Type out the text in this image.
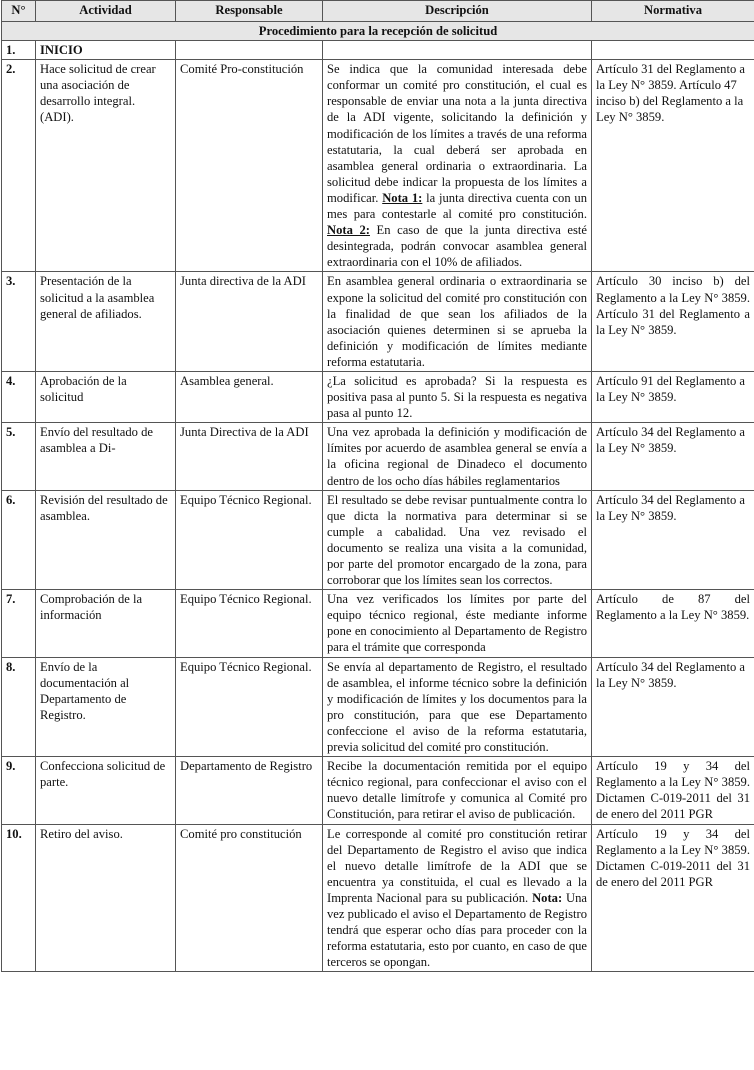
N°	Actividad	Responsable	Descripción	Normativa
Procedimiento para la recepción de solicitud				
1.	INICIO			
2.	Hace solicitud de crear una asociación de desarrollo integral. (ADI).	Comité Pro-constitución	Se indica que la comunidad interesada debe conformar un comité pro constitución, el cual es responsable de enviar una nota a la junta directiva de la ADI vigente, solicitando la definición y modificación de los límites a través de una reforma estatutaria, la cual deberá ser aprobada en asamblea general ordinaria o extraordinaria. La solicitud debe indicar la propuesta de los límites a modificar. Nota 1: la junta directiva cuenta con un mes para contestarle al comité pro constitución. Nota 2: En caso de que la junta directiva esté desintegrada, podrán convocar asamblea general extraordinaria con el 10% de afiliados.	Artículo 31 del Reglamento a la Ley N° 3859. Artículo 47 inciso b) del Reglamento a la Ley N° 3859.
3.	Presentación de la solicitud a la asamblea general de afiliados.	Junta directiva de la ADI	En asamblea general ordinaria o extraordinaria se expone la solicitud del comité pro constitución con la finalidad de que sean los afiliados de la asociación quienes determinen si se aprueba la definición y modificación de límites mediante reforma estatutaria.	Artículo 30 inciso b) del Reglamento a la Ley N° 3859. Artículo 31 del Reglamento a la Ley N° 3859.
4.	Aprobación de la solicitud	Asamblea general.	¿La solicitud es aprobada? Si la respuesta es positiva pasa al punto 5. Si la respuesta es negativa pasa al punto 12.	Artículo 91 del Reglamento a la Ley N° 3859.
5.	Envío del resultado de asamblea a Di-	Junta Directiva de la ADI	Una vez aprobada la definición y modificación de límites por acuerdo de asamblea general se envía a la oficina regional de Dinadeco el documento dentro de los ocho días hábiles reglamentarios	Artículo 34 del Reglamento a la Ley N° 3859.
6.	Revisión del resultado de asamblea.	Equipo Técnico Regional.	El resultado se debe revisar puntualmente contra lo que dicta la normativa para determinar si se cumple a cabalidad. Una vez revisado el documento se realiza una visita a la comunidad, por parte del promotor encargado de la zona, para corroborar que los límites sean los correctos.	Artículo 34 del Reglamento a la Ley N° 3859.
7.	Comprobación de la información	Equipo Técnico Regional.	Una vez verificados los límites por parte del equipo técnico regional, éste mediante informe pone en conocimiento al Departamento de Registro para el trámite que corresponda	Artículo de 87 del Reglamento a la Ley N° 3859.
8.	Envío de la documentación al Departamento de Registro.	Equipo Técnico Regional.	Se envía al departamento de Registro, el resultado de asamblea, el informe técnico sobre la definición y modificación de límites y los documentos para la pro constitución, para que ese Departamento confeccione el aviso de la reforma estatutaria, previa solicitud del comité pro constitución.	Artículo 34 del Reglamento a la Ley N° 3859.
9.	Confecciona solicitud de parte.	Departamento de Registro	Recibe la documentación remitida por el equipo técnico regional, para confeccionar el aviso con el nuevo detalle limítrofe y comunica al Comité pro Constitución, para retirar el aviso de publicación.	Artículo 19 y 34 del Reglamento a la Ley N° 3859. Dictamen C-019-2011 del 31 de enero del 2011 PGR
10.	Retiro del aviso.	Comité pro constitución	Le corresponde al comité pro constitución retirar del Departamento de Registro el aviso que indica el nuevo detalle limítrofe de la ADI que se encuentra ya constituida, el cual es llevado a la Imprenta Nacional para su publicación. Nota: Una vez publicado el aviso el Departamento de Registro tendrá que esperar ocho días para proceder con la reforma estatutaria, esto por cuanto, en caso de que terceros se opongan.	Artículo 19 y 34 del Reglamento a la Ley N° 3859. Dictamen C-019-2011 del 31 de enero del 2011 PGR
